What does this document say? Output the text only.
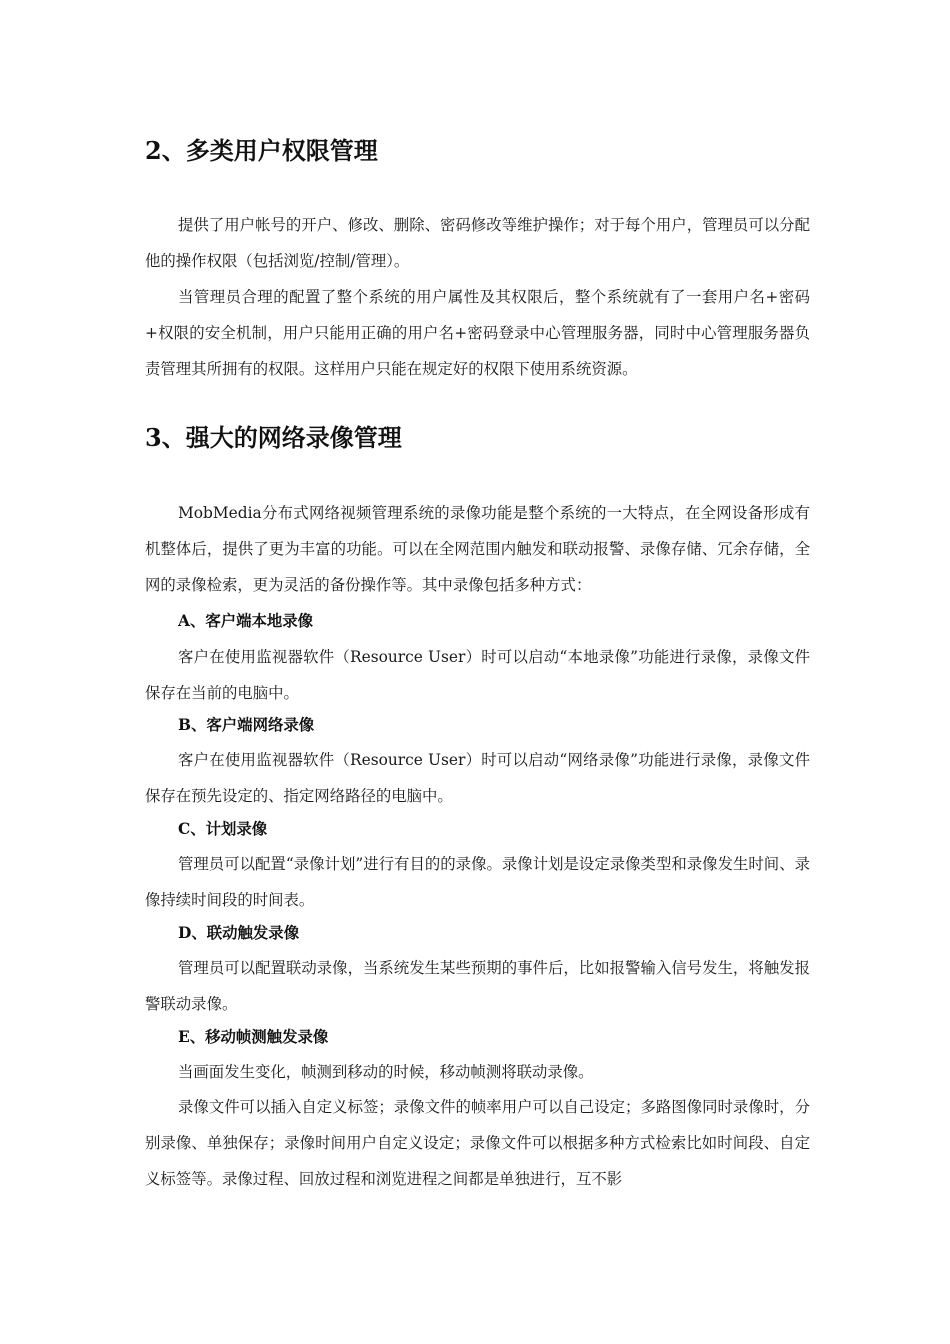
2、多类用户权限管理

提供了用户帐号的开户、修改、删除、密码修改等维护操作；对于每个用户，管理员可以分配他的操作权限（包括浏览/控制/管理）。

当管理员合理的配置了整个系统的用户属性及其权限后，整个系统就有了一套用户名+密码+权限的安全机制，用户只能用正确的用户名+密码登录中心管理服务器，同时中心管理服务器负责管理其所拥有的权限。这样用户只能在规定好的权限下使用系统资源。

3、强大的网络录像管理

MobMedia分布式网络视频管理系统的录像功能是整个系统的一大特点，在全网设备形成有机整体后，提供了更为丰富的功能。可以在全网范围内触发和联动报警、录像存储、冗余存储，全网的录像检索，更为灵活的备份操作等。其中录像包括多种方式：

A、客户端本地录像

客户在使用监视器软件（Resource User）时可以启动“本地录像”功能进行录像，录像文件保存在当前的电脑中。

B、客户端网络录像

客户在使用监视器软件（Resource User）时可以启动“网络录像”功能进行录像，录像文件保存在预先设定的、指定网络路径的电脑中。

C、计划录像

管理员可以配置“录像计划”进行有目的的录像。录像计划是设定录像类型和录像发生时间、录像持续时间段的时间表。

D、联动触发录像

管理员可以配置联动录像，当系统发生某些预期的事件后，比如报警输入信号发生，将触发报警联动录像。

E、移动帧测触发录像

当画面发生变化，帧测到移动的时候，移动帧测将联动录像。

录像文件可以插入自定义标签；录像文件的帧率用户可以自己设定；多路图像同时录像时，分别录像、单独保存；录像时间用户自定义设定；录像文件可以根据多种方式检索比如时间段、自定义标签等。录像过程、回放过程和浏览进程之间都是单独进行，互不影
